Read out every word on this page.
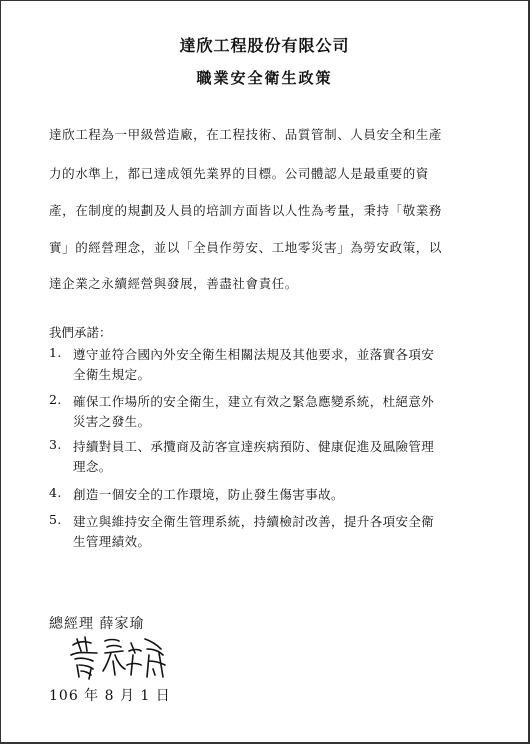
達欣工程股份有限公司
職業安全衛生政策
達欣工程為一甲級營造廠，在工程技術、品質管制、人員安全和生產
力的水準上，都已達成領先業界的目標。公司體認人是最重要的資
產，在制度的規劃及人員的培訓方面皆以人性為考量，秉持「敬業務
實」的經營理念，並以「全員作勞安、工地零災害」為勞安政策，以
達企業之永續經營與發展，善盡社會責任。
我們承諾：
1. 遵守並符合國內外安全衛生相關法規及其他要求，並落實各項安
全衛生規定。
2. 確保工作場所的安全衛生，建立有效之緊急應變系統，杜絕意外
災害之發生。
3. 持續對員工、承攬商及訪客宣達疾病預防、健康促進及風險管理
理念。
4. 創造一個安全的工作環境，防止發生傷害事故。
5. 建立與維持安全衛生管理系統，持續檢討改善，提升各項安全衛
生管理績效。
總經理 薛家瑜
106 年 8 月 1 日
